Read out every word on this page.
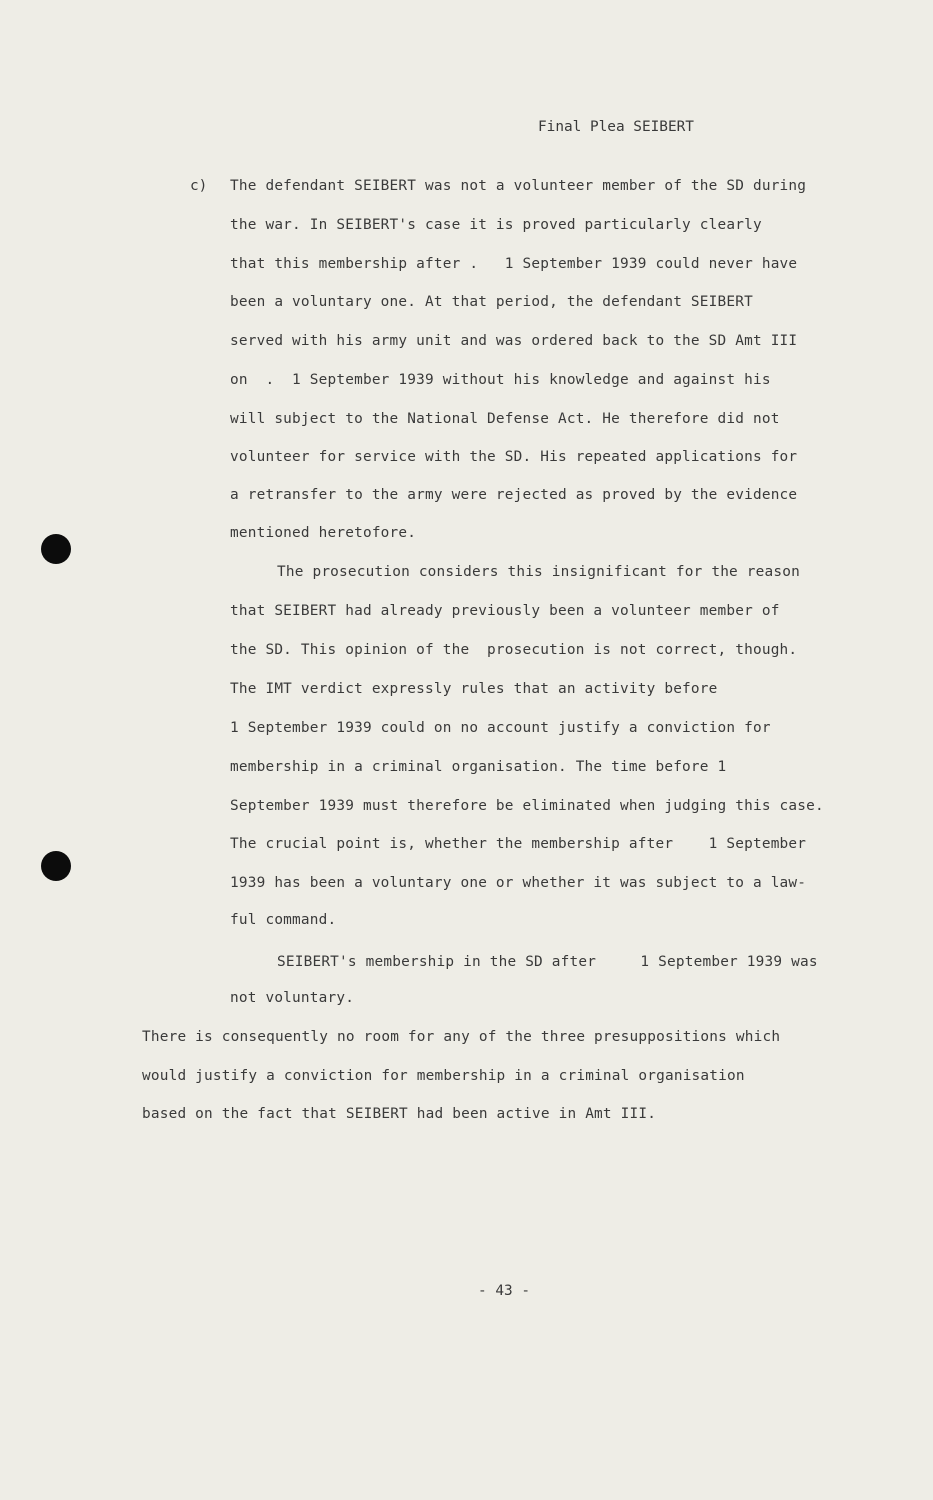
Final Plea SEIBERT
c) The defendant SEIBERT was not a volunteer member of the SD during
the war. In SEIBERT's case it is proved particularly clearly
that this membership after .   1 September 1939 could never have
been a voluntary one. At that period, the defendant SEIBERT
served with his army unit and was ordered back to the SD Amt III
on  .  1 September 1939 without his knowledge and against his
will subject to the National Defense Act. He therefore did not
volunteer for service with the SD. His repeated applications for
a retransfer to the army were rejected as proved by the evidence
mentioned heretofore.
The prosecution considers this insignificant for the reason
that SEIBERT had already previously been a volunteer member of
the SD. This opinion of the  prosecution is not correct, though.
The IMT verdict expressly rules that an activity before
1 September 1939 could on no account justify a conviction for
membership in a criminal organisation. The time before 1
September 1939 must therefore be eliminated when judging this case.
The crucial point is, whether the membership after    1 September
1939 has been a voluntary one or whether it was subject to a law-
ful command.
SEIBERT's membership in the SD after     1 September 1939 was
not voluntary.
There is consequently no room for any of the three presuppositions which
would justify a conviction for membership in a criminal organisation
based on the fact that SEIBERT had been active in Amt III.
- 43 -
